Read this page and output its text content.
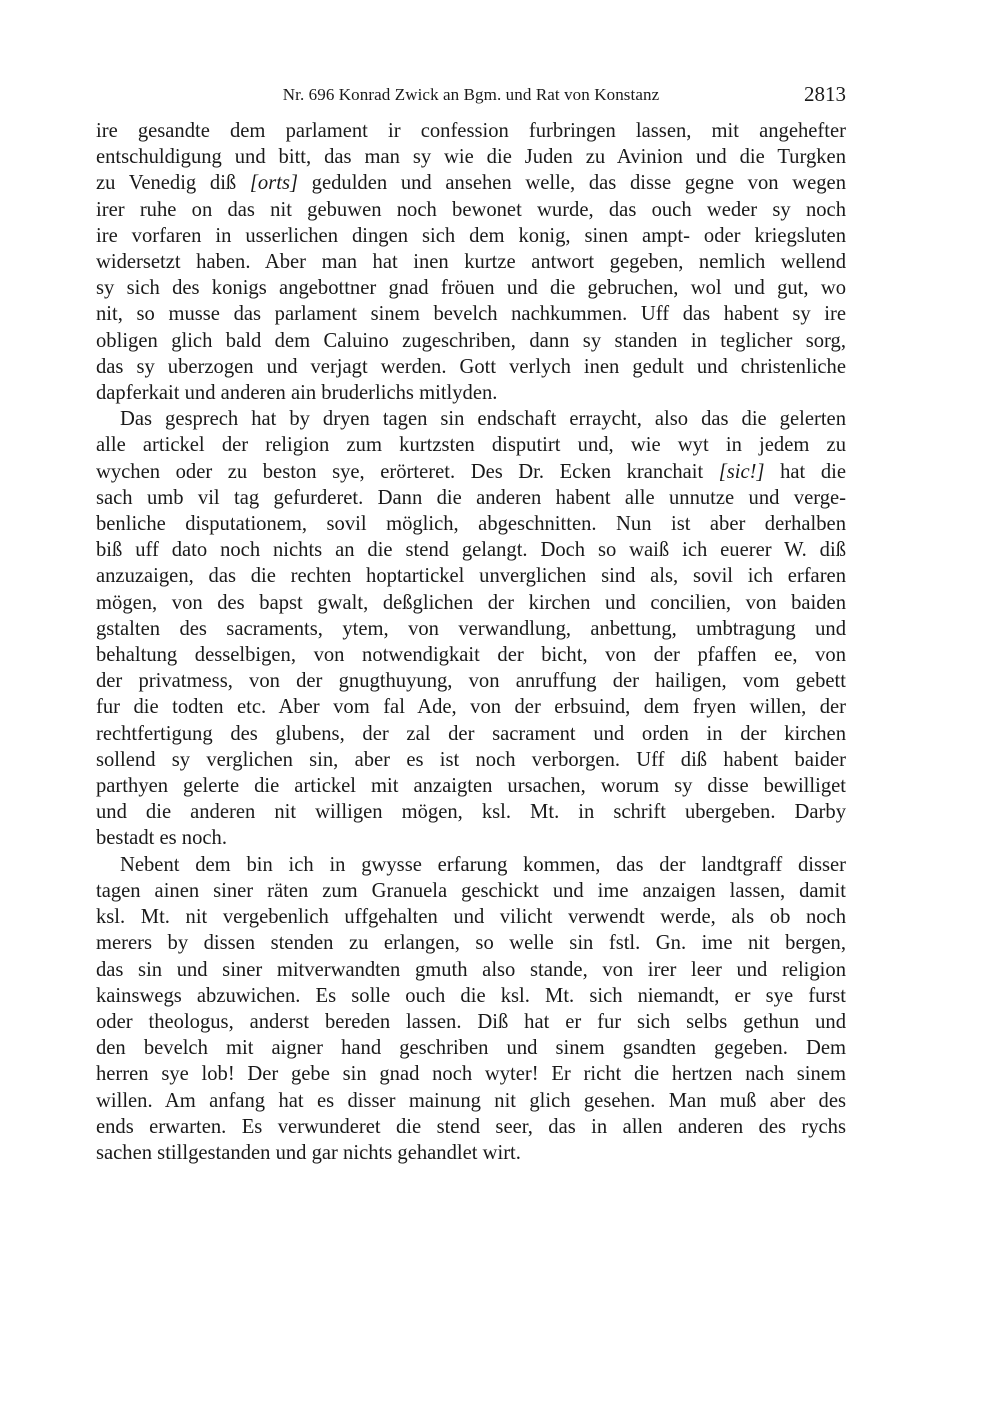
Nr. 696 Konrad Zwick an Bgm. und Rat von Konstanz	2813

ire gesandte dem parlament ir confession furbringen lassen, mit angehefter
entschuldigung und bitt, das man sy wie die Juden zu Avinion und die Turgken
zu Venedig diß [orts] gedulden und ansehen welle, das disse gegne von wegen
irer ruhe on das nit gebuwen noch bewonet wurde, das ouch weder sy noch
ire vorfaren in usserlichen dingen sich dem konig, sinen ampt- oder kriegsluten
widersetzt haben. Aber man hat inen kurtze antwort gegeben, nemlich wellend
sy sich des konigs angebottner gnad fröuen und die gebruchen, wol und gut, wo
nit, so musse das parlament sinem bevelch nachkummen. Uff das habent sy ire
obligen glich bald dem Caluino zugeschriben, dann sy standen in teglicher sorg,
das sy uberzogen und verjagt werden. Gott verlych inen gedult und christenliche
dapferkait und anderen ain bruderlichs mitlyden.

Das gesprech hat by dryen tagen sin endschaft erraycht, also das die gelerten
alle artickel der religion zum kurtzsten disputirt und, wie wyt in jedem zu
wychen oder zu beston sye, erörteret. Des Dr. Ecken kranchait [sic!] hat die
sach umb vil tag gefurderet. Dann die anderen habent alle unnutze und verge-
benliche disputationem, sovil möglich, abgeschnitten. Nun ist aber derhalben
biß uff dato noch nichts an die stend gelangt. Doch so waiß ich euerer W. diß
anzuzaigen, das die rechten hoptartickel unverglichen sind als, sovil ich erfaren
mögen, von des bapst gwalt, deßglichen der kirchen und concilien, von baiden
gstalten des sacraments, ytem, von verwandlung, anbettung, umbtragung und
behaltung desselbigen, von notwendigkait der bicht, von der pfaffen ee, von
der privatmess, von der gnugthuyung, von anruffung der hailigen, vom gebett
fur die todten etc. Aber vom fal Ade, von der erbsuind, dem fryen willen, der
rechtfertigung des glubens, der zal der sacrament und orden in der kirchen
sollend sy verglichen sin, aber es ist noch verborgen. Uff diß habent baider
parthyen gelerte die artickel mit anzaigten ursachen, worum sy disse bewilliget
und die anderen nit willigen mögen, ksl. Mt. in schrift ubergeben. Darby
bestadt es noch.

Nebent dem bin ich in gwysse erfarung kommen, das der landtgraff disser
tagen ainen siner räten zum Granuela geschickt und ime anzaigen lassen, damit
ksl. Mt. nit vergebenlich uffgehalten und vilicht verwendt werde, als ob noch
merers by dissen stenden zu erlangen, so welle sin fstl. Gn. ime nit bergen,
das sin und siner mitverwandten gmuth also stande, von irer leer und religion
kainswegs abzuwichen. Es solle ouch die ksl. Mt. sich niemandt, er sye furst
oder theologus, anderst bereden lassen. Diß hat er fur sich selbs gethun und
den bevelch mit aigner hand geschriben und sinem gsandten gegeben. Dem
herren sye lob! Der gebe sin gnad noch wyter! Er richt die hertzen nach sinem
willen. Am anfang hat es disser mainung nit glich gesehen. Man muß aber des
ends erwarten. Es verwunderet die stend seer, das in allen anderen des rychs
sachen stillgestanden und gar nichts gehandlet wirt.
